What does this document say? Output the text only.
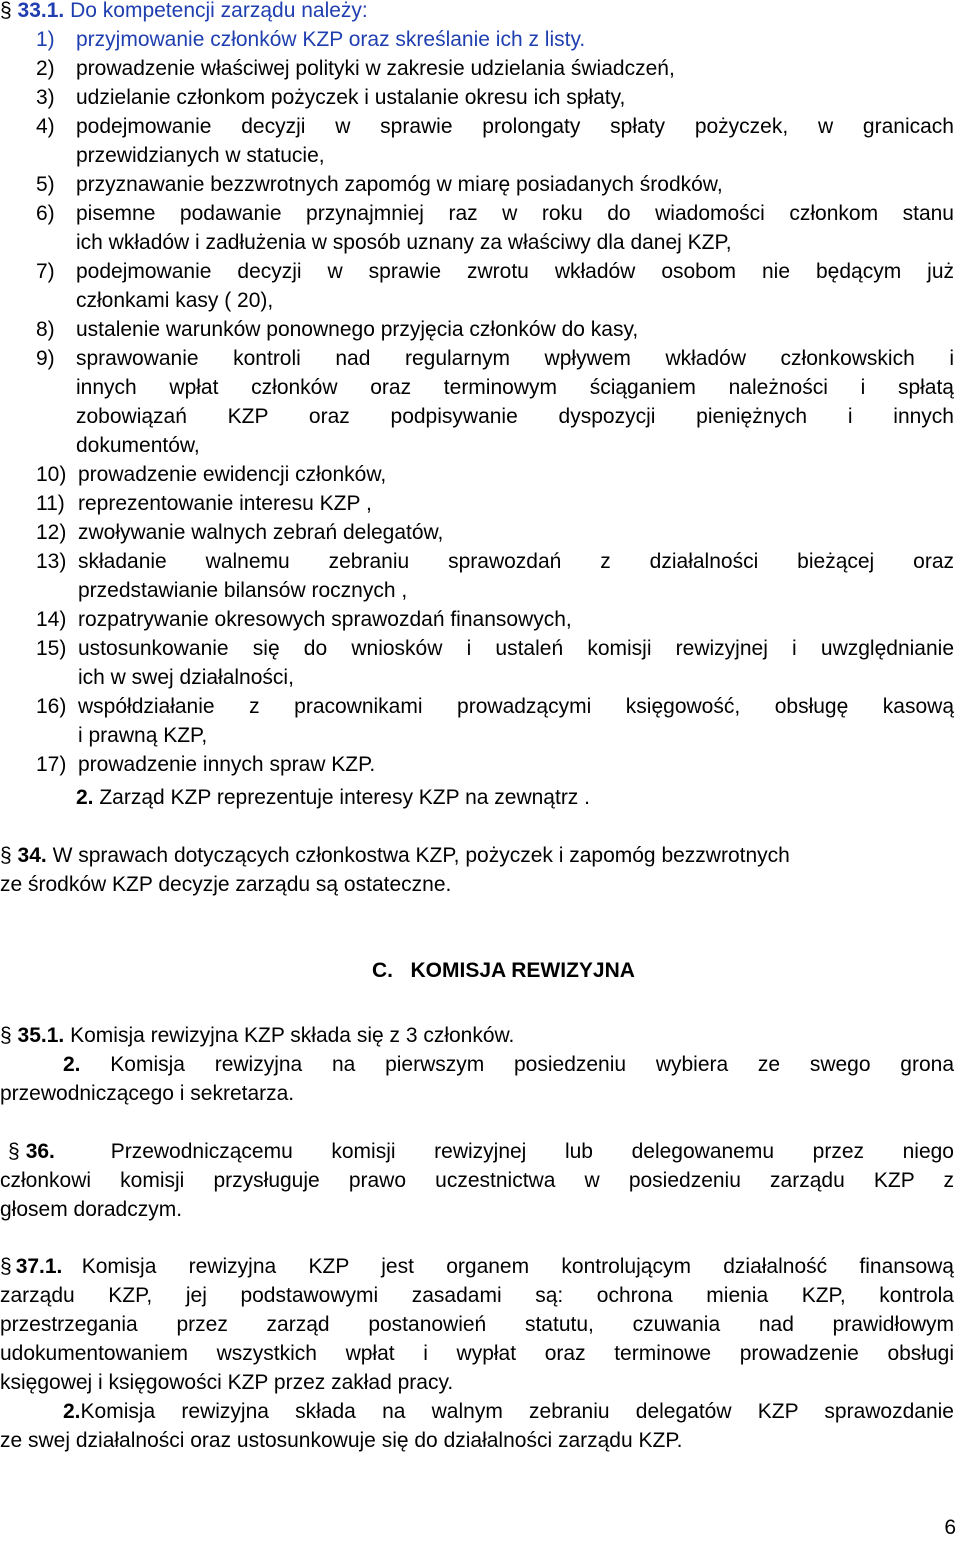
§ 33.1. Do kompetencji zarządu należy:
1)	przyjmowanie członków KZP oraz skreślanie ich z listy.
2)	prowadzenie właściwej polityki w zakresie udzielania świadczeń,
3)	udzielanie członkom pożyczek i ustalanie okresu ich spłaty,
4)	podejmowanie decyzji w sprawie prolongaty spłaty pożyczek, w granicach
przewidzianych w statucie,
5)	przyznawanie bezzwrotnych zapomóg w miarę posiadanych środków,
6)	pisemne podawanie przynajmniej raz w roku do wiadomości członkom stanu
ich wkładów i zadłużenia w sposób uznany za właściwy dla danej KZP,
7)	podejmowanie decyzji w sprawie zwrotu wkładów osobom nie będącym już
członkami kasy ( 20),
8)	ustalenie warunków ponownego przyjęcia członków do kasy,
9)	sprawowanie kontroli nad regularnym wpływem wkładów członkowskich i
innych wpłat członków oraz terminowym ściąganiem należności i spłatą
zobowiązań KZP oraz podpisywanie dyspozycji pieniężnych i innych
dokumentów,
10) prowadzenie ewidencji członków,
11) reprezentowanie interesu KZP ,
12) zwoływanie walnych zebrań delegatów,
13) składanie walnemu zebraniu sprawozdań z działalności bieżącej oraz
przedstawianie bilansów rocznych ,
14) rozpatrywanie okresowych sprawozdań finansowych,
15) ustosunkowanie się do wniosków i ustaleń komisji rewizyjnej i uwzględnianie
ich w swej działalności,
16) współdziałanie z pracownikami prowadzącymi księgowość, obsługę kasową
i prawną KZP,
17) prowadzenie innych spraw KZP.
2. Zarząd KZP reprezentuje interesy KZP na zewnątrz .
§ 34. W sprawach dotyczących członkostwa KZP, pożyczek i zapomóg bezzwrotnych
ze środków KZP decyzje zarządu są ostateczne.
C.   KOMISJA REWIZYJNA
§ 35.1. Komisja rewizyjna KZP składa się z 3 członków.
2. Komisja rewizyjna na pierwszym posiedzeniu wybiera ze swego grona
przewodniczącego i sekretarza.
§ 36.	Przewodniczącemu komisji rewizyjnej lub delegowanemu przez niego
członkowi komisji przysługuje prawo uczestnictwa w posiedzeniu zarządu KZP z
głosem doradczym.
§ 37.1. Komisja rewizyjna KZP jest organem kontrolującym działalność finansową
zarządu KZP, jej podstawowymi zasadami są: ochrona mienia KZP, kontrola
przestrzegania przez zarząd postanowień statutu, czuwania nad prawidłowym
udokumentowaniem wszystkich wpłat i wypłat oraz terminowe prowadzenie obsługi
księgowej i księgowości KZP przez zakład pracy.
2. Komisja rewizyjna składa na walnym zebraniu delegatów KZP sprawozdanie
ze swej działalności oraz ustosunkowuje się do działalności zarządu KZP.
6
